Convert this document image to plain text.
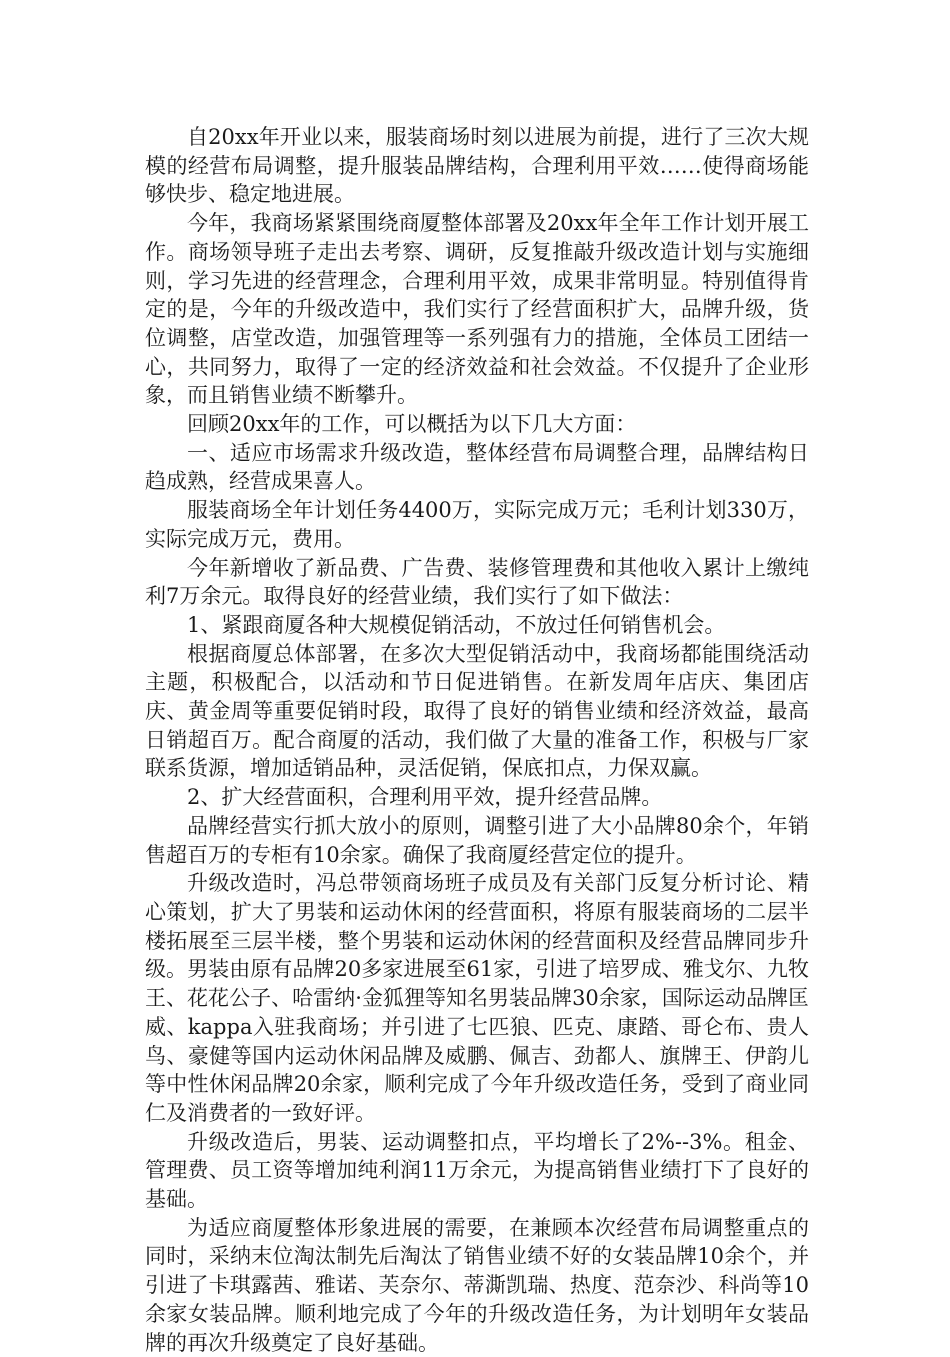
自20xx年开业以来，服装商场时刻以进展为前提，进行了三次大规模的经营布局调整，提升服装品牌结构，合理利用平效……使得商场能够快步、稳定地进展。

今年，我商场紧紧围绕商厦整体部署及20xx年全年工作计划开展工作。商场领导班子走出去考察、调研，反复推敲升级改造计划与实施细则，学习先进的经营理念，合理利用平效，成果非常明显。特别值得肯定的是，今年的升级改造中，我们实行了经营面积扩大，品牌升级，货位调整，店堂改造，加强管理等一系列强有力的措施，全体员工团结一心，共同努力，取得了一定的经济效益和社会效益。不仅提升了企业形象，而且销售业绩不断攀升。

回顾20xx年的工作，可以概括为以下几大方面：

一、适应市场需求升级改造，整体经营布局调整合理，品牌结构日趋成熟，经营成果喜人。

服装商场全年计划任务4400万，实际完成万元；毛利计划330万，实际完成万元，费用。

今年新增收了新品费、广告费、装修管理费和其他收入累计上缴纯利7万余元。取得良好的经营业绩，我们实行了如下做法：

1、紧跟商厦各种大规模促销活动，不放过任何销售机会。

根据商厦总体部署，在多次大型促销活动中，我商场都能围绕活动主题，积极配合，以活动和节日促进销售。在新发周年店庆、集团店庆、黄金周等重要促销时段，取得了良好的销售业绩和经济效益，最高日销超百万。配合商厦的活动，我们做了大量的准备工作，积极与厂家联系货源，增加适销品种，灵活促销，保底扣点，力保双赢。

2、扩大经营面积，合理利用平效，提升经营品牌。

品牌经营实行抓大放小的原则，调整引进了大小品牌80余个，年销售超百万的专柜有10余家。确保了我商厦经营定位的提升。

升级改造时，冯总带领商场班子成员及有关部门反复分析讨论、精心策划，扩大了男装和运动休闲的经营面积，将原有服装商场的二层半楼拓展至三层半楼，整个男装和运动休闲的经营面积及经营品牌同步升级。男装由原有品牌20多家进展至61家，引进了培罗成、雅戈尔、九牧王、花花公子、哈雷纳·金狐狸等知名男装品牌30余家，国际运动品牌匡威、kappa入驻我商场；并引进了七匹狼、匹克、康踏、哥仑布、贵人鸟、豪健等国内运动休闲品牌及威鹏、佩吉、劲都人、旗牌王、伊韵儿等中性休闲品牌20余家，顺利完成了今年升级改造任务，受到了商业同仁及消费者的一致好评。

升级改造后，男装、运动调整扣点，平均增长了2%--3%。租金、管理费、员工资等增加纯利润11万余元，为提高销售业绩打下了良好的基础。

为适应商厦整体形象进展的需要，在兼顾本次经营布局调整重点的同时，采纳末位淘汰制先后淘汰了销售业绩不好的女装品牌10余个，并引进了卡琪露茜、雅诺、芙奈尔、蒂澌凯瑞、热度、范奈沙、科尚等10余家女装品牌。顺利地完成了今年的升级改造任务，为计划明年女装品牌的再次升级奠定了良好基础。
